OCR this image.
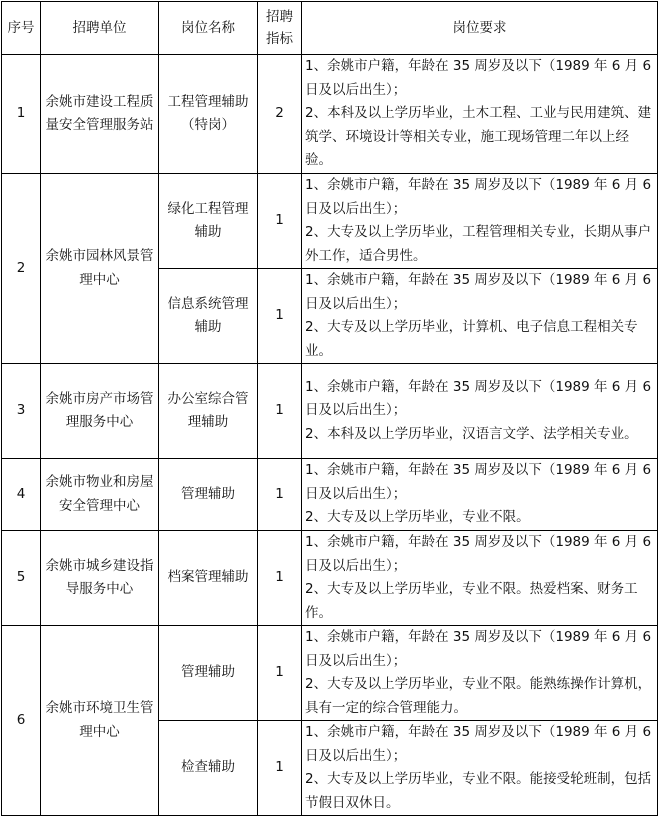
序号	招聘单位	岗位名称	招聘指标	岗位要求
1	余姚市建设工程质量安全管理服务站	工程管理辅助（特岗）	2	1、余姚市户籍，年龄在 35 周岁及以下（1989 年 6 月 6 日及以后出生）；
2、本科及以上学历毕业，土木工程、工业与民用建筑、建筑学、环境设计等相关专业，施工现场管理二年以上经验。

2	余姚市园林风景管理中心	绿化工程管理辅助	1	1、余姚市户籍，年龄在 35 周岁及以下（1989 年 6 月 6 日及以后出生）；
2、大专及以上学历毕业，工程管理相关专业，长期从事户外工作，适合男性。

		信息系统管理辅助	1	1、余姚市户籍，年龄在 35 周岁及以下（1989 年 6 月 6 日及以后出生）；
2、大专及以上学历毕业，计算机、电子信息工程相关专业。

3	余姚市房产市场管理服务中心	办公室综合管理辅助	1	1、余姚市户籍，年龄在 35 周岁及以下（1989 年 6 月 6 日及以后出生）；
2、本科及以上学历毕业，汉语言文学、法学相关专业。

4	余姚市物业和房屋安全管理中心	管理辅助	1	1、余姚市户籍，年龄在 35 周岁及以下（1989 年 6 月 6 日及以后出生）；
2、大专及以上学历毕业，专业不限。

5	余姚市城乡建设指导服务中心	档案管理辅助	1	1、余姚市户籍，年龄在 35 周岁及以下（1989 年 6 月 6 日及以后出生）；
2、大专及以上学历毕业，专业不限。热爱档案、财务工作。

6	余姚市环境卫生管理中心	管理辅助	1	1、余姚市户籍，年龄在 35 周岁及以下（1989 年 6 月 6 日及以后出生）；
2、大专及以上学历毕业，专业不限。能熟练操作计算机，具有一定的综合管理能力。

		检查辅助	1	1、余姚市户籍，年龄在 35 周岁及以下（1989 年 6 月 6 日及以后出生）；
2、大专及以上学历毕业，专业不限。能接受轮班制，包括节假日双休日。
